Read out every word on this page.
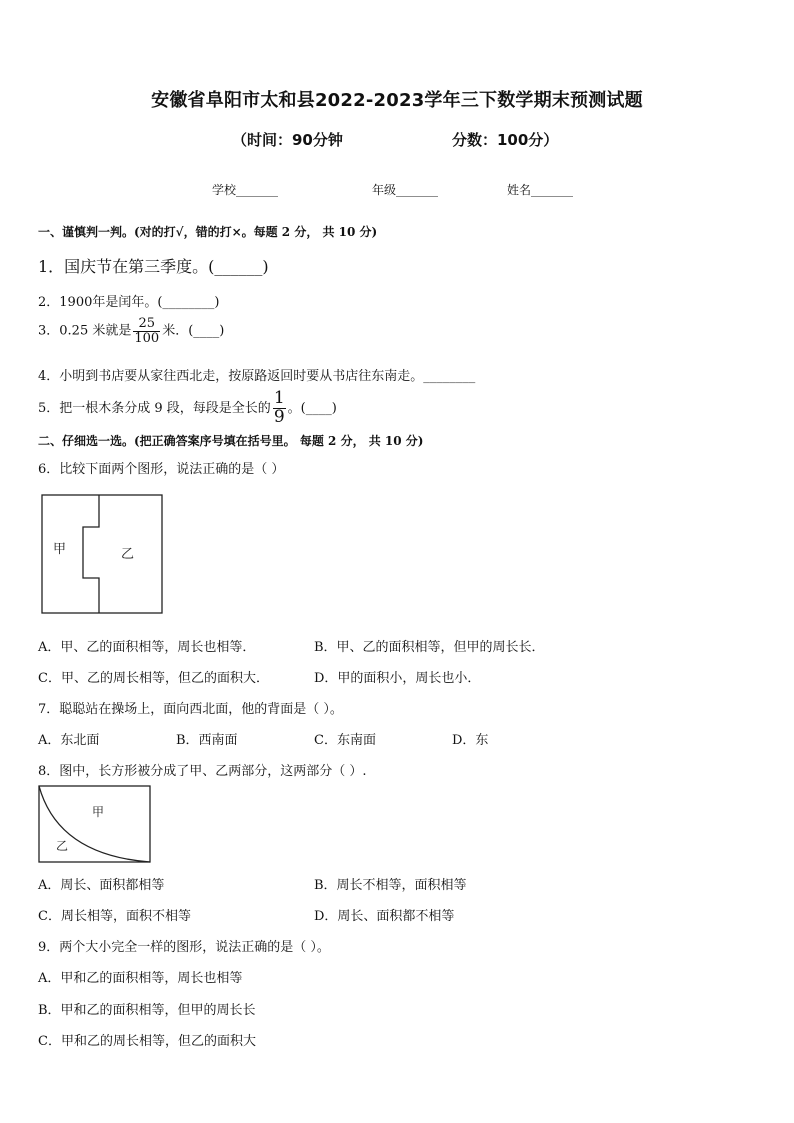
安徽省阜阳市太和县2022-2023学年三下数学期末预测试题
（时间：90分钟	分数：100分）
学校_______	年级_______	姓名_______
一、谨慎判一判。(对的打√，错的打×。每题 2 分， 共 10 分)
1．国庆节在第三季度。(______)
2．1900年是闰年。(________)
3．0.25 米就是 $\frac{25}{100}$ 米．(____)
4．小明到书店要从家往西北走，按原路返回时要从书店往东南走。________
5．把一根木条分成 9 段，每段是全长的 $\frac{1}{9}$ 。(____)
二、仔细选一选。(把正确答案序号填在括号里。 每题 2 分， 共 10 分)
6．比较下面两个图形，说法正确的是（ ）
甲	乙
A．甲、乙的面积相等，周长也相等．	B．甲、乙的面积相等，但甲的周长长．
C．甲、乙的周长相等，但乙的面积大．	D．甲的面积小，周长也小．
7．聪聪站在操场上，面向西北面，他的背面是（ ）。
A．东北面	B．西南面	C．东南面	D．东
8．图中，长方形被分成了甲、乙两部分，这两部分（ ）.
甲
乙
A．周长、面积都相等	B．周长不相等，面积相等
C．周长相等，面积不相等	D．周长、面积都不相等
9．两个大小完全一样的图形，说法正确的是（ ）。
A．甲和乙的面积相等，周长也相等
B．甲和乙的面积相等，但甲的周长长
C．甲和乙的周长相等，但乙的面积大
